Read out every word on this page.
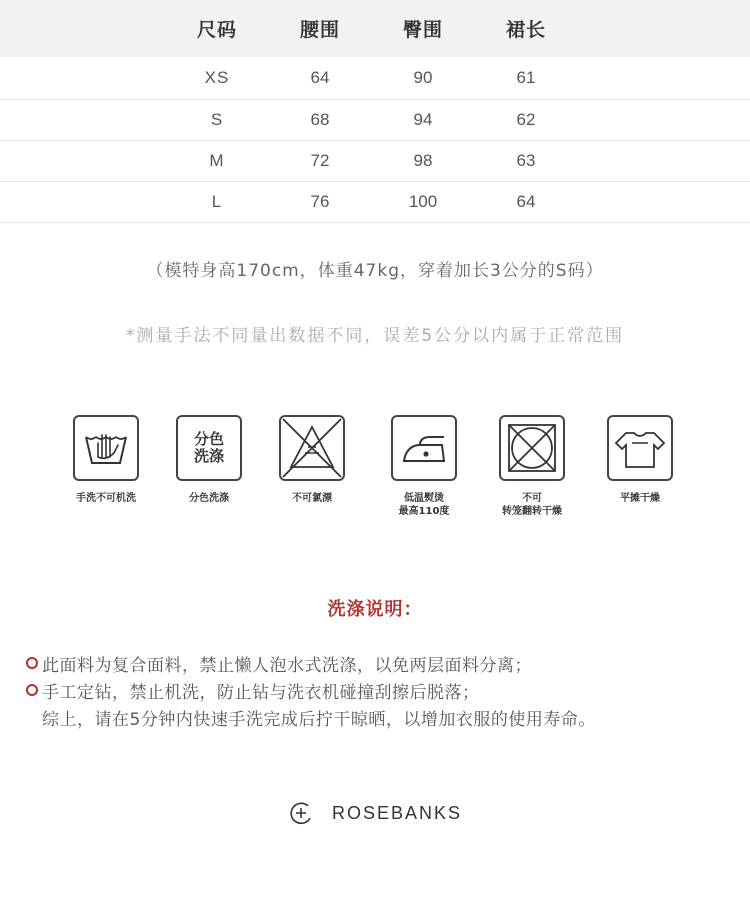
尺码	腰围	臀围	裙长
XS	64	90	61
S	68	94	62
M	72	98	63
L	76	100	64
（模特身高170cm，体重47kg，穿着加长3公分的S码）
*测量手法不同量出数据不同，误差5公分以内属于正常范围
手洗不可机洗
分色
洗涤
分色洗涤	不可氯漂	低温熨烫
最高110度
不可
转笼翻转干燥
平摊干燥
洗涤说明：
此面料为复合面料，禁止懒人泡水式洗涤，以免两层面料分离；
手工定钻，禁止机洗，防止钻与洗衣机碰撞刮擦后脱落；
综上，请在5分钟内快速手洗完成后拧干晾晒，以增加衣服的使用寿命。
ROSEBANKS
